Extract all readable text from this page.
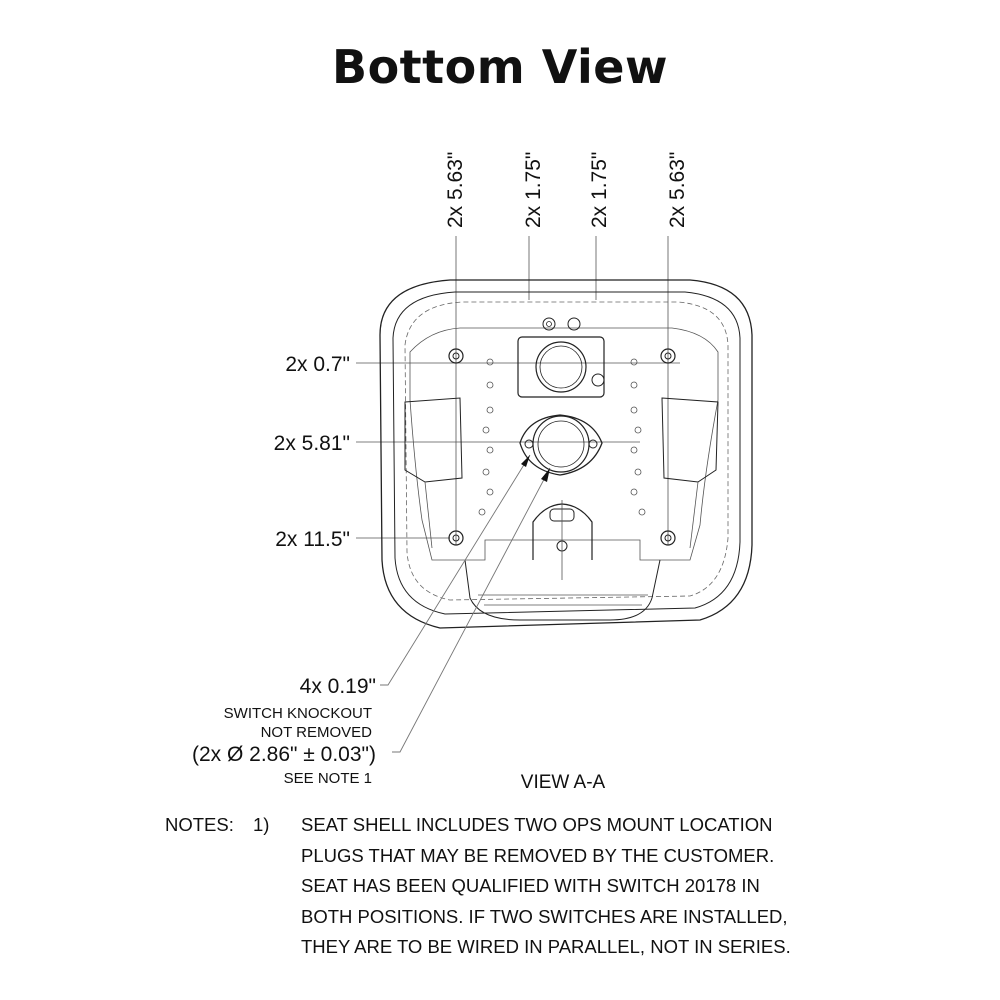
Bottom View
2x 5.63"	2x 1.75" 2x 1.75"	2x 5.63"
2x 0.7"
2x 5.81"
2x 11.5"
4x 0.19"
SWITCH KNOCKOUT
NOT REMOVED
(2x Ø 2.86" ± 0.03")
SEE NOTE 1	VIEW A-A
NOTES: 1) SEAT SHELL INCLUDES TWO OPS MOUNT LOCATION
PLUGS THAT MAY BE REMOVED BY THE CUSTOMER.
SEAT HAS BEEN QUALIFIED WITH SWITCH 20178 IN
BOTH POSITIONS. IF TWO SWITCHES ARE INSTALLED,
THEY ARE TO BE WIRED IN PARALLEL, NOT IN SERIES.
